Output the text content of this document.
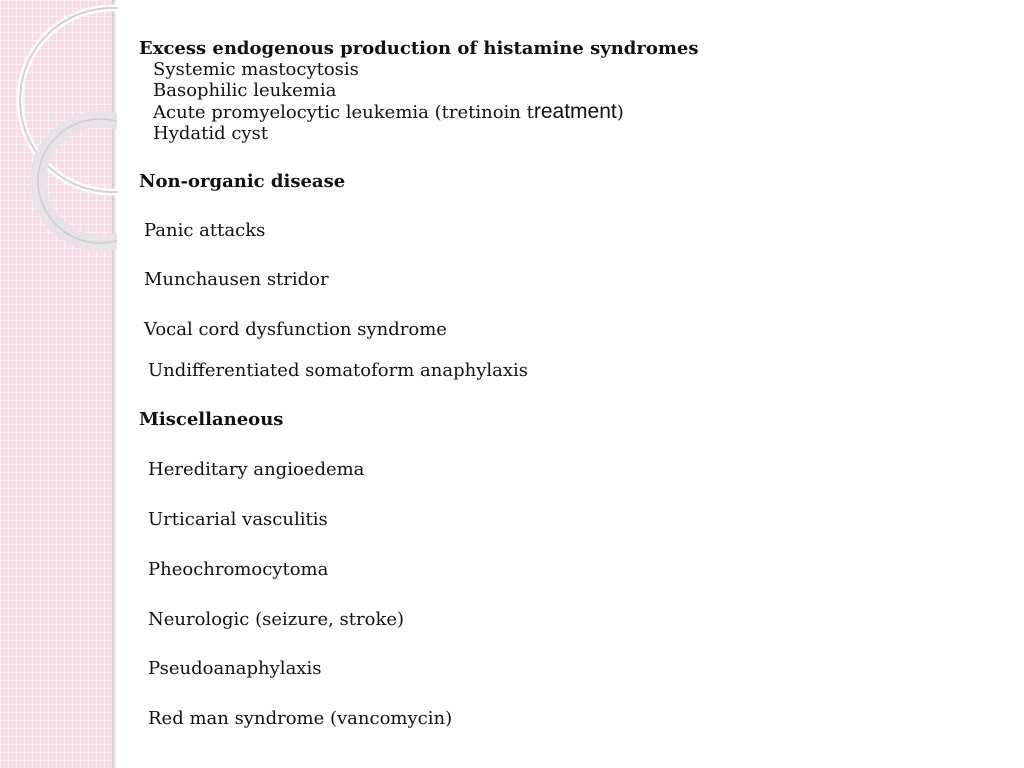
Excess endogenous production of histamine syndromes
Systemic mastocytosis
Basophilic leukemia
Acute promyelocytic leukemia (tretinoin treatment)
Hydatid cyst
Non-organic disease
Panic attacks
Munchausen stridor
Vocal cord dysfunction syndrome
Undifferentiated somatoform anaphylaxis
Miscellaneous
Hereditary angioedema
Urticarial vasculitis
Pheochromocytoma
Neurologic (seizure, stroke)
Pseudoanaphylaxis
Red man syndrome (vancomycin)
